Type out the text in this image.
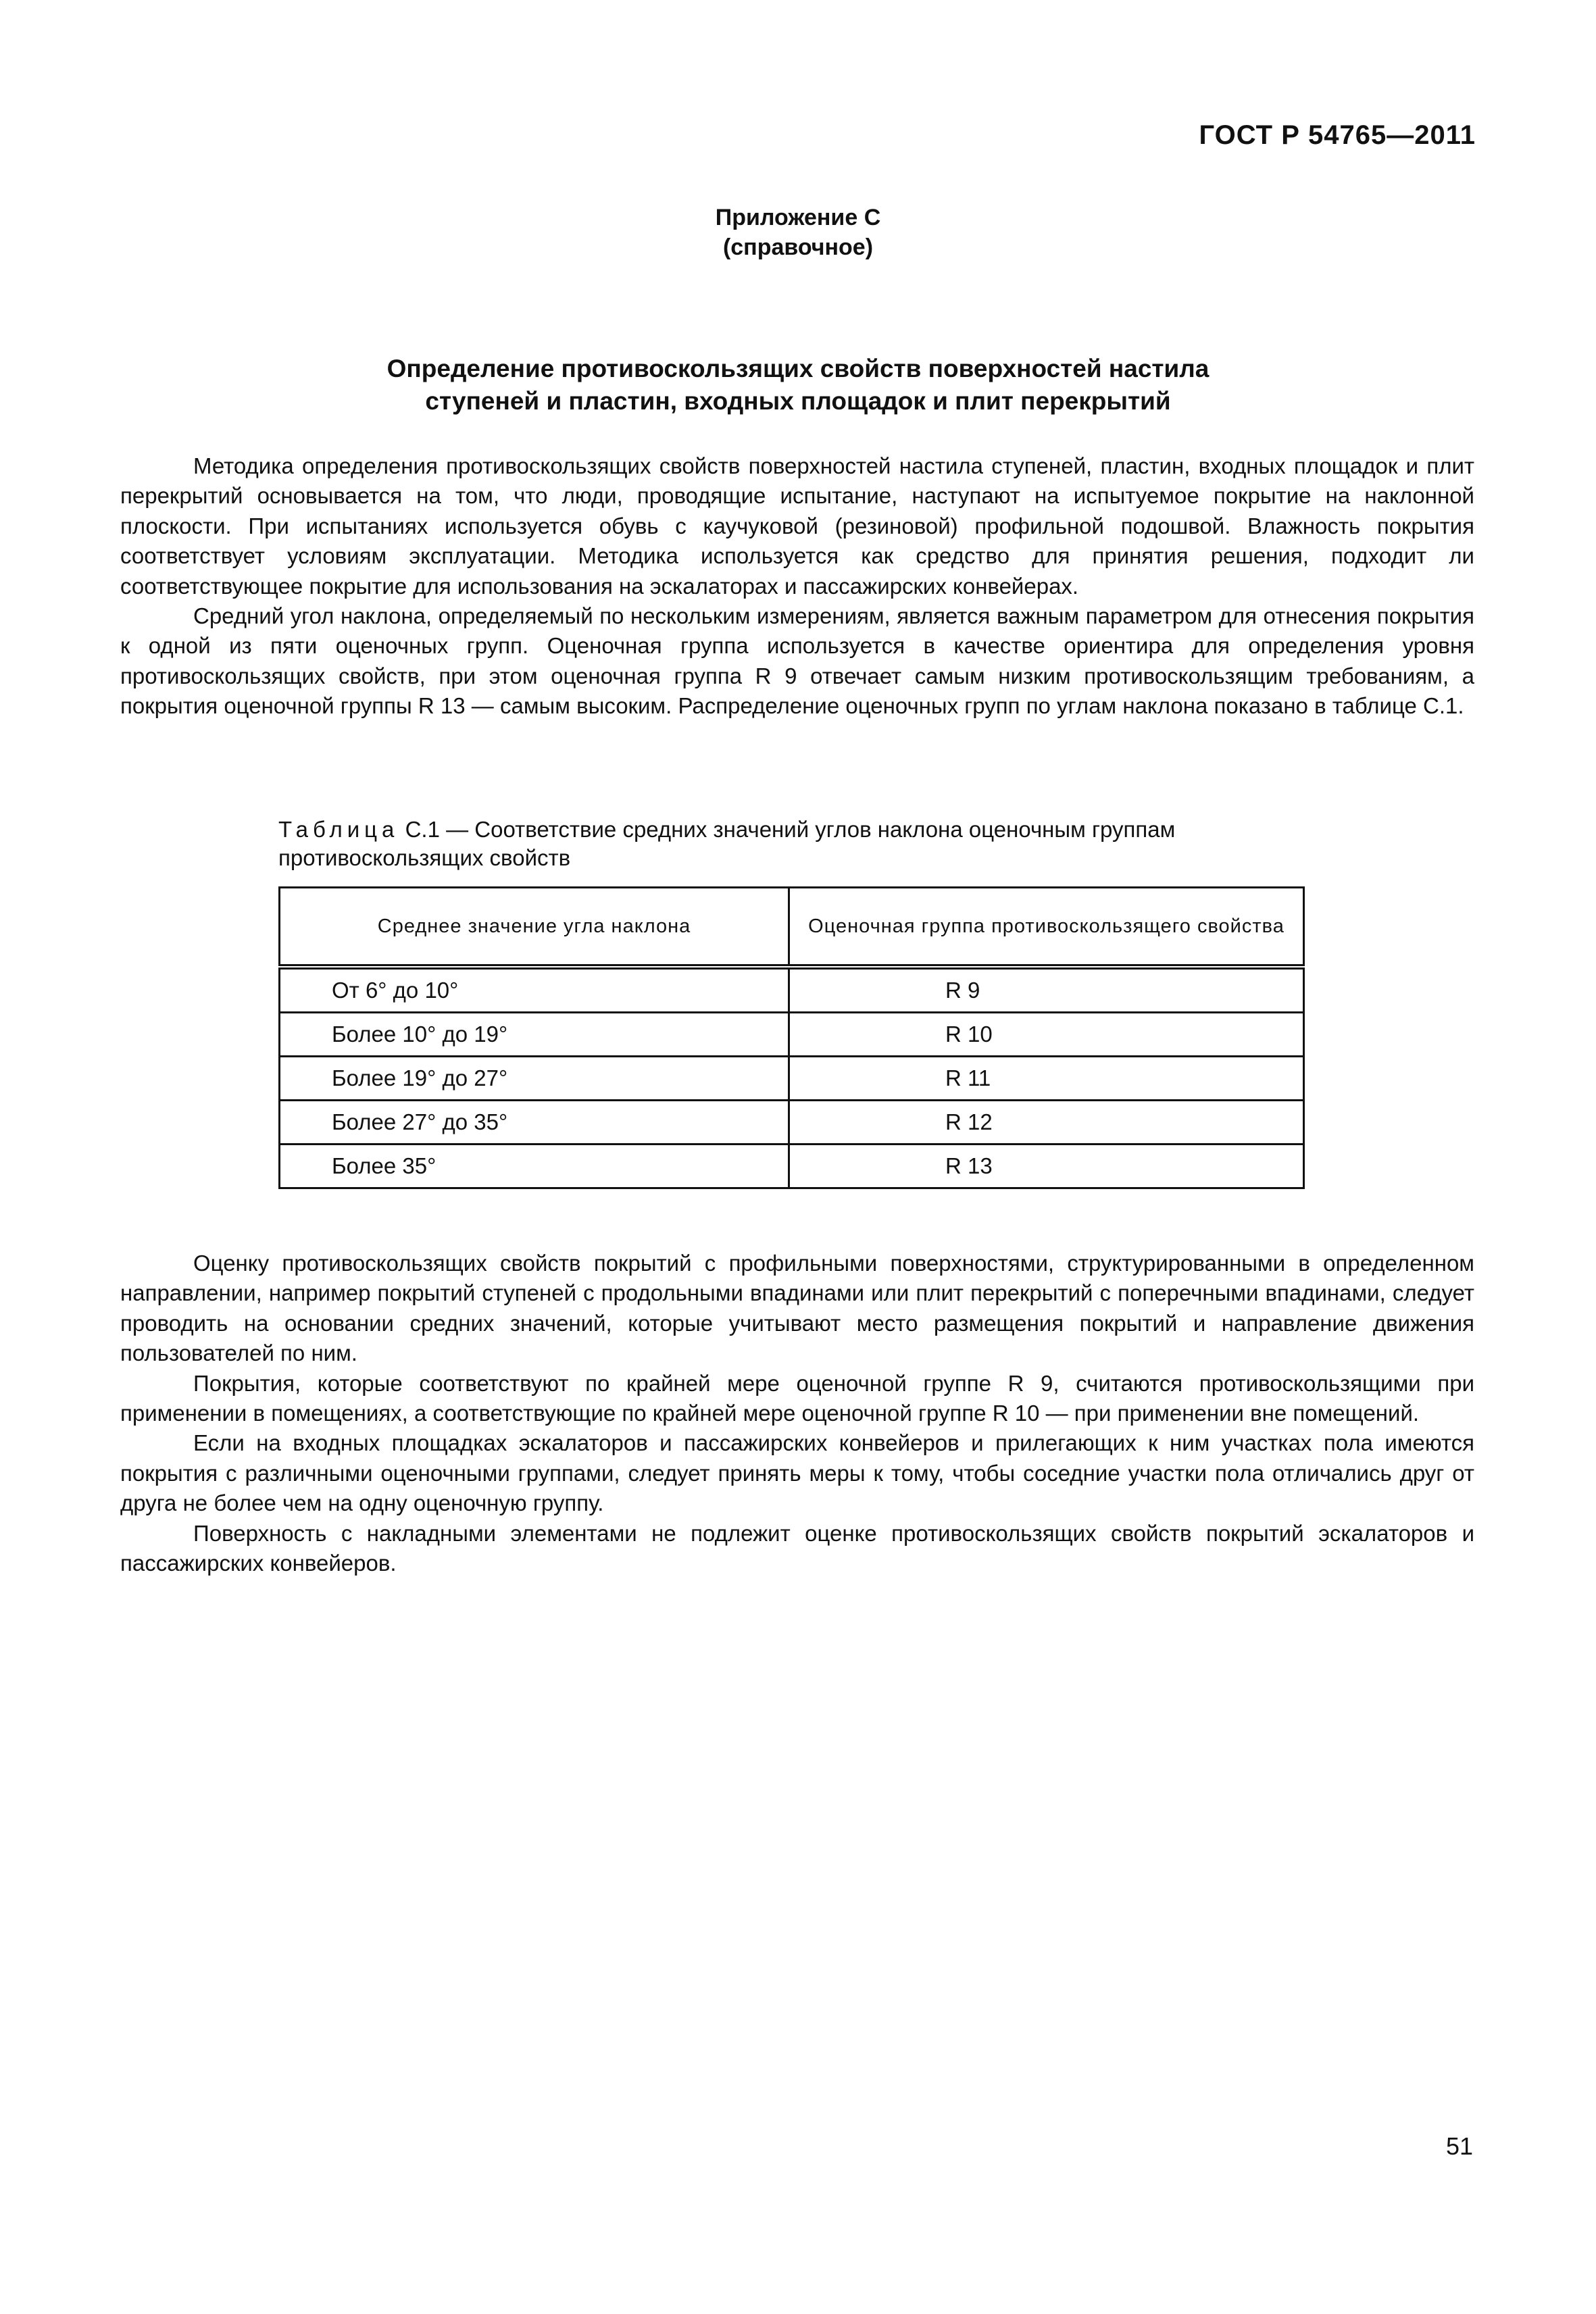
ГОСТ Р 54765—2011
Приложение С
(справочное)
Определение противоскользящих свойств поверхностей настила
ступеней и пластин, входных площадок и плит перекрытий

Методика определения противоскользящих свойств поверхностей настила ступеней, пластин, входных площадок и плит перекрытий основывается на том, что люди, проводящие испытание, наступают на испытуемое покрытие на наклонной плоскости. При испытаниях используется обувь с каучуковой (резиновой) профильной подошвой. Влажность покрытия соответствует условиям эксплуатации. Методика используется как средство для принятия решения, подходит ли соответствующее покрытие для использования на эскалаторах и пассажирских конвейерах.

Средний угол наклона, определяемый по нескольким измерениям, является важным параметром для отнесения покрытия к одной из пяти оценочных групп. Оценочная группа используется в качестве ориентира для определения уровня противоскользящих свойств, при этом оценочная группа R 9 отвечает самым низким противоскользящим требованиям, а покрытия оценочной группы R 13 — самым высоким. Распределение оценочных групп по углам наклона показано в таблице С.1.

Таблица С.1 — Соответствие средних значений углов наклона оценочным группам
противоскользящих свойств
Среднее значение угла наклона	Оценочная группа противоскользящего свойства
От 6° до 10°	R 9
Более 10° до 19°	R 10
Более 19° до 27°	R 11
Более 27° до 35°	R 12
Более 35°	R 13

Оценку противоскользящих свойств покрытий с профильными поверхностями, структурированными в определенном направлении, например покрытий ступеней с продольными впадинами или плит перекрытий с поперечными впадинами, следует проводить на основании средних значений, которые учитывают место размещения покрытий и направление движения пользователей по ним.

Покрытия, которые соответствуют по крайней мере оценочной группе R 9, считаются противоскользящими при применении в помещениях, а соответствующие по крайней мере оценочной группе R 10 — при применении вне помещений.

Если на входных площадках эскалаторов и пассажирских конвейеров и прилегающих к ним участках пола имеются покрытия с различными оценочными группами, следует принять меры к тому, чтобы соседние участки пола отличались друг от друга не более чем на одну оценочную группу.

Поверхность с накладными элементами не подлежит оценке противоскользящих свойств покрытий эскалаторов и пассажирских конвейеров.

51
